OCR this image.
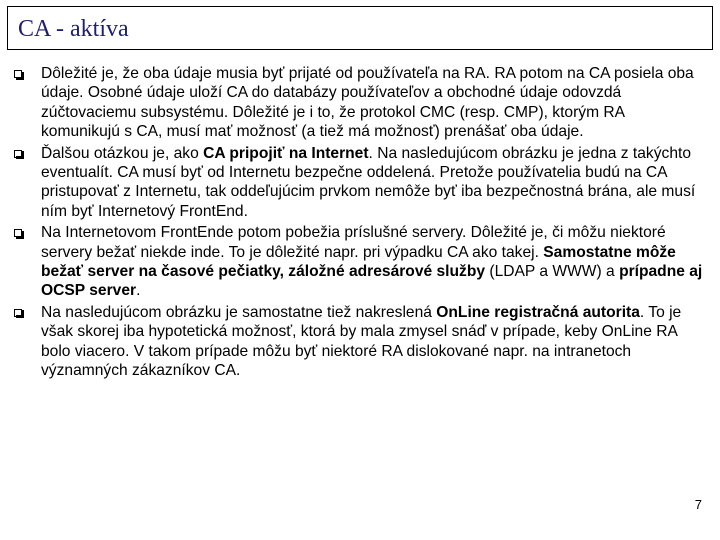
CA - aktíva
Dôležité je, že oba údaje musia byť prijaté od používateľa na RA. RA potom na CA posiela oba údaje. Osobné údaje uloží CA do databázy používateľov a obchodné údaje odovzdá zúčtovaciemu subsystému. Dôležité je i to, že protokol CMC (resp. CMP), ktorým RA komunikujú s CA, musí mať možnosť (a tiež má možnosť) prenášať oba údaje.
Ďalšou otázkou je, ako CA pripojiť na Internet. Na nasledujúcom obrázku je jedna z takýchto eventualít. CA musí byť od Internetu bezpečne oddelená. Pretože používatelia budú na CA pristupovať z Internetu, tak oddeľujúcim prvkom nemôže byť iba bezpečnostná brána, ale musí ním byť Internetový FrontEnd.
Na Internetovom FrontEnde potom pobežia príslušné servery. Dôležité je, či môžu niektoré servery bežať niekde inde. To je dôležité napr. pri výpadku CA ako takej. Samostatne môže bežať server na časové pečiatky, záložné adresárové služby (LDAP a WWW) a prípadne aj OCSP server.
Na nasledujúcom obrázku je samostatne tiež nakreslená OnLine registračná autorita. To je však skorej iba hypotetická možnosť, ktorá by mala zmysel snáď v prípade, keby OnLine RA bolo viacero. V takom prípade môžu byť niektoré RA dislokované napr. na intranetoch významných zákazníkov CA.
7
